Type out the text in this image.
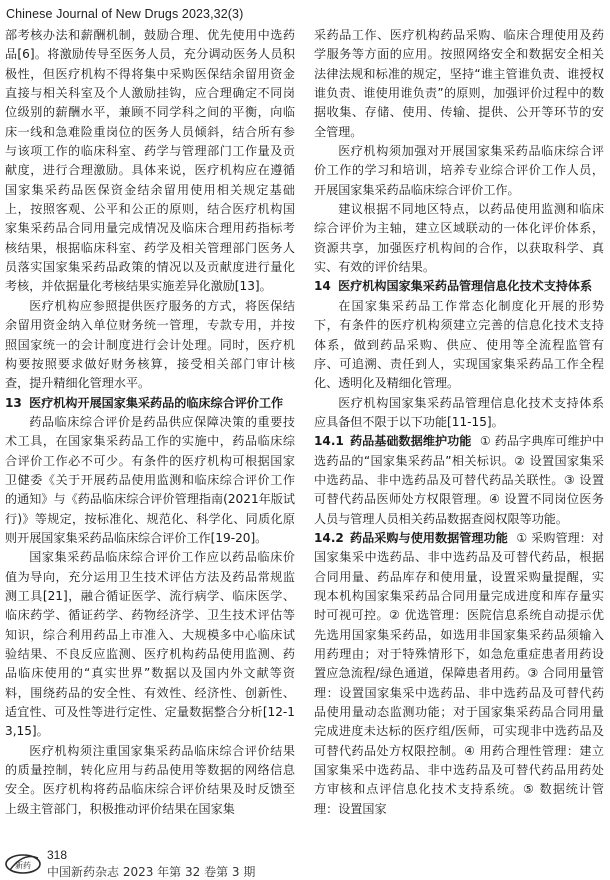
Chinese Journal of New Drugs 2023,32(3)

部考核办法和薪酬机制，鼓励合理、优先使用中选药品[6]。将激励传导至医务人员，充分调动医务人员积极性，但医疗机构不得将集中采购医保结余留用资金直接与相关科室及个人激励挂钩，应合理确定不同岗位级别的薪酬水平，兼顾不同学科之间的平衡，向临床一线和急难险重岗位的医务人员倾斜，结合所有参与该项工作的临床科室、药学与管理部门工作量及贡献度，进行合理激励。具体来说，医疗机构应在遵循国家集采药品医保资金结余留用使用相关规定基础上，按照客观、公平和公正的原则，结合医疗机构国家集采药品合同用量完成情况及临床合理用药指标考核结果，根据临床科室、药学及相关管理部门医务人员落实国家集采药品政策的情况以及贡献度进行量化考核，并依据量化考核结果实施差异化激励[13]。

医疗机构应参照提供医疗服务的方式，将医保结余留用资金纳入单位财务统一管理，专款专用，并按照国家统一的会计制度进行会计处理。同时，医疗机构要按照要求做好财务核算，接受相关部门审计核查，提升精细化管理水平。

13 医疗机构开展国家集采药品的临床综合评价工作

药品临床综合评价是药品供应保障决策的重要技术工具，在国家集采药品工作的实施中，药品临床综合评价工作必不可少。有条件的医疗机构可根据国家卫健委《关于开展药品使用监测和临床综合评价工作的通知》与《药品临床综合评价管理指南(2021年版试行)》等规定，按标准化、规范化、科学化、同质化原则开展国家集采药品临床综合评价工作[19-20]。

国家集采药品临床综合评价工作应以药品临床价值为导向，充分运用卫生技术评估方法及药品常规监测工具[21]，融合循证医学、流行病学、临床医学、临床药学、循证药学、药物经济学、卫生技术评估等知识，综合利用药品上市准入、大规模多中心临床试验结果、不良反应监测、医疗机构药品使用监测、药品临床使用的“真实世界”数据以及国内外文献等资料，围绕药品的安全性、有效性、经济性、创新性、适宜性、可及性等进行定性、定量数据整合分析[12-13,15]。

医疗机构须注重国家集采药品临床综合评价结果的质量控制，转化应用与药品使用等数据的网络信息安全。医疗机构将药品临床综合评价结果及时反馈至上级主管部门，积极推动评价结果在国家集

采药品工作、医疗机构药品采购、临床合理使用及药学服务等方面的应用。按照网络安全和数据安全相关法律法规和标准的规定，坚持“谁主管谁负责、谁授权谁负责、谁使用谁负责”的原则，加强评价过程中的数据收集、存储、使用、传输、提供、公开等环节的安全管理。

医疗机构须加强对开展国家集采药品临床综合评价工作的学习和培训，培养专业综合评价工作人员，开展国家集采药品临床综合评价工作。

建议根据不同地区特点，以药品使用监测和临床综合评价为主轴，建立区域联动的一体化评价体系，资源共享，加强医疗机构间的合作，以获取科学、真实、有效的评价结果。

14 医疗机构国家集采药品管理信息化技术支持体系

在国家集采药品工作常态化制度化开展的形势下，有条件的医疗机构须建立完善的信息化技术支持体系，做到药品采购、供应、使用等全流程监管有序、可追溯、责任到人，实现国家集采药品工作全程化、透明化及精细化管理。

医疗机构国家集采药品管理信息化技术支持体系应具备但不限于以下功能[11-15]。

14.1 药品基础数据维护功能 ① 药品字典库可维护中选药品的“国家集采药品”相关标识。② 设置国家集采中选药品、非中选药品及可替代药品关联性。③ 设置可替代药品医师处方权限管理。④ 设置不同岗位医务人员与管理人员相关药品数据查阅权限等功能。

14.2 药品采购与使用数据管理功能 ① 采购管理：对国家集采中选药品、非中选药品及可替代药品，根据合同用量、药品库存和使用量，设置采购量提醒，实现本机构国家集采药品合同用量完成进度和库存量实时可视可控。② 优选管理：医院信息系统自动提示优先选用国家集采药品，如选用非国家集采药品须输入用药理由；对于特殊情形下，如急危重症患者用药设置应急流程/绿色通道，保障患者用药。③ 合同用量管理：设置国家集采中选药品、非中选药品及可替代药品使用量动态监测功能；对于国家集采药品合同用量完成进度未达标的医疗组/医师，可实现非中选药品及可替代药品处方权限控制。④ 用药合理性管理：建立国家集采中选药品、非中选药品及可替代药品用药处方审核和点评信息化技术支持系统。⑤ 数据统计管理：设置国家

新药
318
中国新药杂志 2023 年第 32 卷第 3 期
